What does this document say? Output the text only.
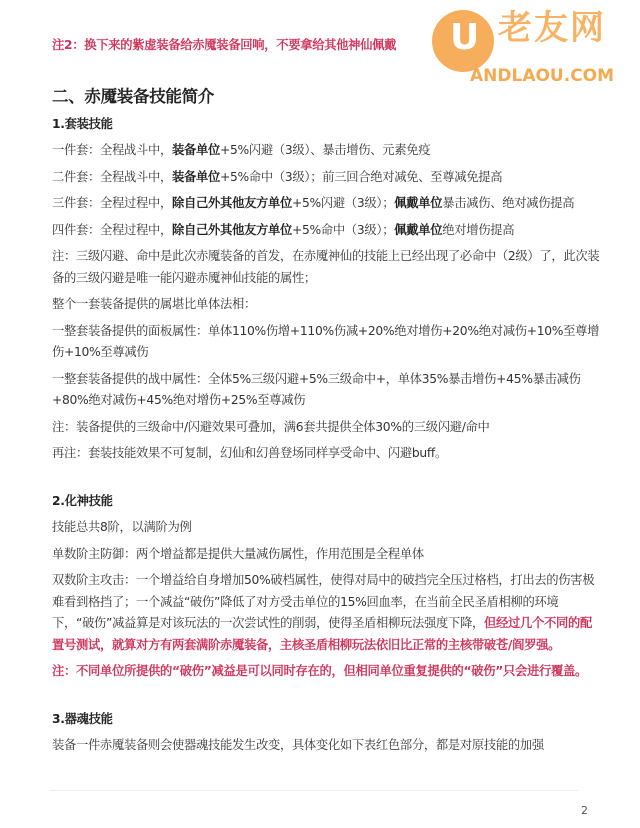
U 老友网
ANDLAOU.COM
注2：换下来的紫虚装备给赤魇装备回响，不要拿给其他神仙佩戴
二、赤魇装备技能简介
1.套装技能
一件套：全程战斗中，装备单位+5%闪避（3级）、暴击增伤、元素免疫
二件套：全程战斗中，装备单位+5%命中（3级）；前三回合绝对减免、至尊减免提高
三件套：全程过程中，除自己外其他友方单位+5%闪避（3级）；佩戴单位暴击减伤、绝对减伤提高
四件套：全程过程中，除自己外其他友方单位+5%命中（3级）；佩戴单位绝对增伤提高
注：三级闪避、命中是此次赤魇装备的首发，在赤魇神仙的技能上已经出现了必命中（2级）了，此次装备的三级闪避是唯一能闪避赤魇神仙技能的属性；
整个一套装备提供的属堪比单体法相：
一整套装备提供的面板属性：单体110%伤增+110%伤减+20%绝对增伤+20%绝对减伤+10%至尊增伤+10%至尊减伤
一整套装备提供的战中属性：全体5%三级闪避+5%三级命中+，单体35%暴击增伤+45%暴击减伤+80%绝对减伤+45%绝对增伤+25%至尊减伤
注：装备提供的三级命中/闪避效果可叠加，满6套共提供全体30%的三级闪避/命中
再注：套装技能效果不可复制，幻仙和幻兽登场同样享受命中、闪避buff。
2.化神技能
技能总共8阶，以满阶为例
单数阶主防御：两个增益都是提供大量减伤属性，作用范围是全程单体
双数阶主攻击：一个增益给自身增加50%破档属性，使得对局中的破挡完全压过格档，打出去的伤害极难看到格挡了；一个减益“破伤”降低了对方受击单位的15%回血率，在当前全民圣盾相柳的环境下，“破伤”减益算是对该玩法的一次尝试性的削弱，使得圣盾相柳玩法强度下降，但经过几个不同的配置号测试，就算对方有两套满阶赤魇装备，主核圣盾相柳玩法依旧比正常的主核带破苍/阎罗强。
注：不同单位所提供的“破伤”减益是可以同时存在的，但相同单位重复提供的“破伤”只会进行覆盖。
3.器魂技能
装备一件赤魇装备则会使器魂技能发生改变，具体变化如下表红色部分，都是对原技能的加强
2
